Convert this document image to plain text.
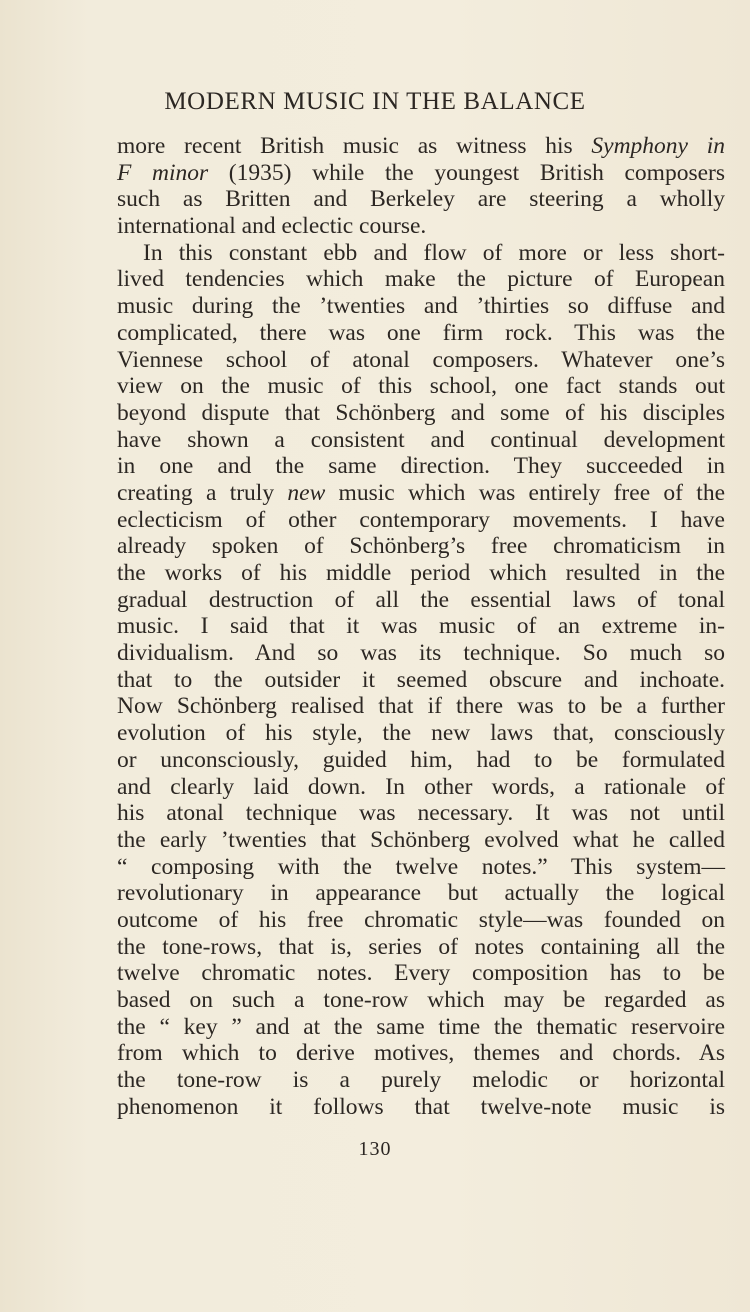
MODERN MUSIC IN THE BALANCE
more recent British music as witness his Symphony in
F minor (1935) while the youngest British composers
such as Britten and Berkeley are steering a wholly
international and eclectic course.
In this constant ebb and flow of more or less short-
lived tendencies which make the picture of European
music during the ’twenties and ’thirties so diffuse and
complicated, there was one firm rock. This was the
Viennese school of atonal composers. Whatever one’s
view on the music of this school, one fact stands out
beyond dispute that Schönberg and some of his disciples
have shown a consistent and continual development
in one and the same direction. They succeeded in
creating a truly new music which was entirely free of the
eclecticism of other contemporary movements. I have
already spoken of Schönberg’s free chromaticism in
the works of his middle period which resulted in the
gradual destruction of all the essential laws of tonal
music. I said that it was music of an extreme in-
dividualism. And so was its technique. So much so
that to the outsider it seemed obscure and inchoate.
Now Schönberg realised that if there was to be a further
evolution of his style, the new laws that, consciously
or unconsciously, guided him, had to be formulated
and clearly laid down. In other words, a rationale of
his atonal technique was necessary. It was not until
the early ’twenties that Schönberg evolved what he called
“ composing with the twelve notes.” This system—
revolutionary in appearance but actually the logical
outcome of his free chromatic style—was founded on
the tone-rows, that is, series of notes containing all the
twelve chromatic notes. Every composition has to be
based on such a tone-row which may be regarded as
the “ key ” and at the same time the thematic reservoire
from which to derive motives, themes and chords. As
the tone-row is a purely melodic or horizontal
phenomenon it follows that twelve-note music is
130
